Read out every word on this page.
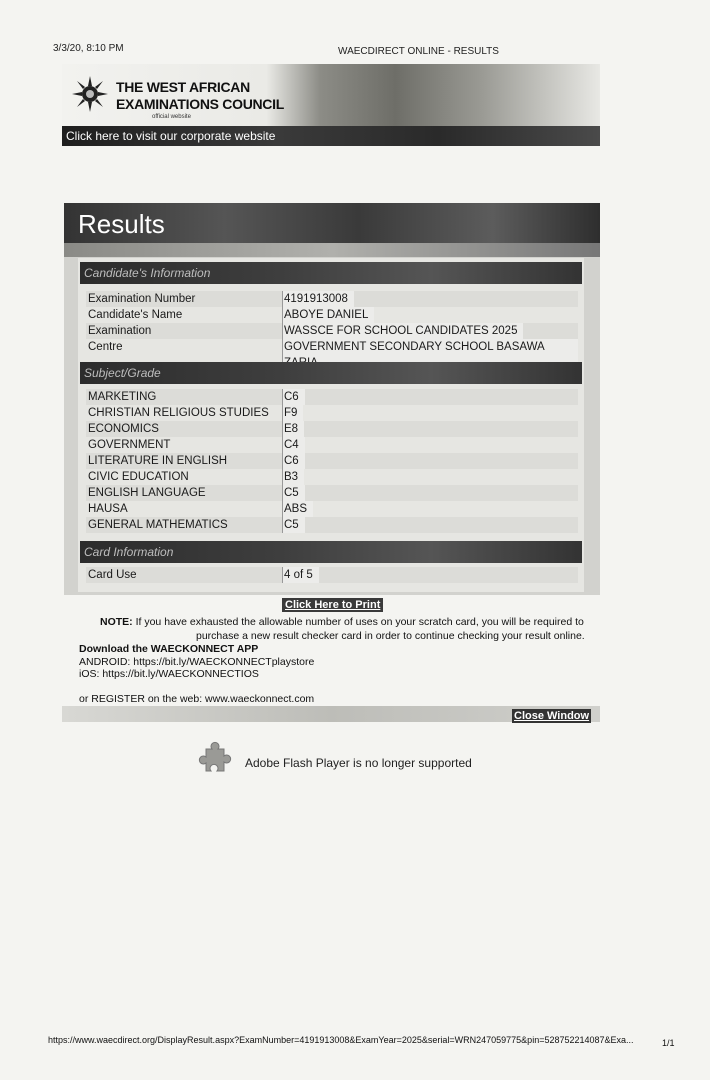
3/3/20, 8:10 PM	WAECDIRECT ONLINE - RESULTS
THE WEST AFRICAN
EXAMINATIONS COUNCIL
official website
Click here to visit our corporate website
Results
Candidate's Information
Examination Number	4191913008
Candidate's Name	ABOYE DANIEL
Examination	WASSCE FOR SCHOOL CANDIDATES 2025
Centre	GOVERNMENT SECONDARY SCHOOL BASAWA
Subject/Grade
MARKETING	C6
CHRISTIAN RELIGIOUS STUDIES F9
ECONOMICS	E8
GOVERNMENT	C4
LITERATURE IN ENGLISH	C6
CIVIC EDUCATION	B3
ENGLISH LANGUAGE	C5
HAUSA	ABS
GENERAL MATHEMATICS	C5
Card Information
Card Use	4 of 5
Click Here to Print
NOTE: If you have exhausted the allowable number of uses on your scratch card, you will be required to
purchase a new result checker card in order to continue checking your result online.
Download the WAECKONNECT APP
ANDROID: https://bit.ly/WAECKONNECTplaystore
iOS: https://bit.ly/WAECKONNECTIOS
or REGISTER on the web: www.waeckonnect.com
Close Window
Adobe Flash Player is no longer supported
https://www.waecdirect.org/DisplayResult.aspx?ExamNumber=4191913008&ExamYear=2025&serial=WRN247059775&pin=528752214087&Exa...	1/1
